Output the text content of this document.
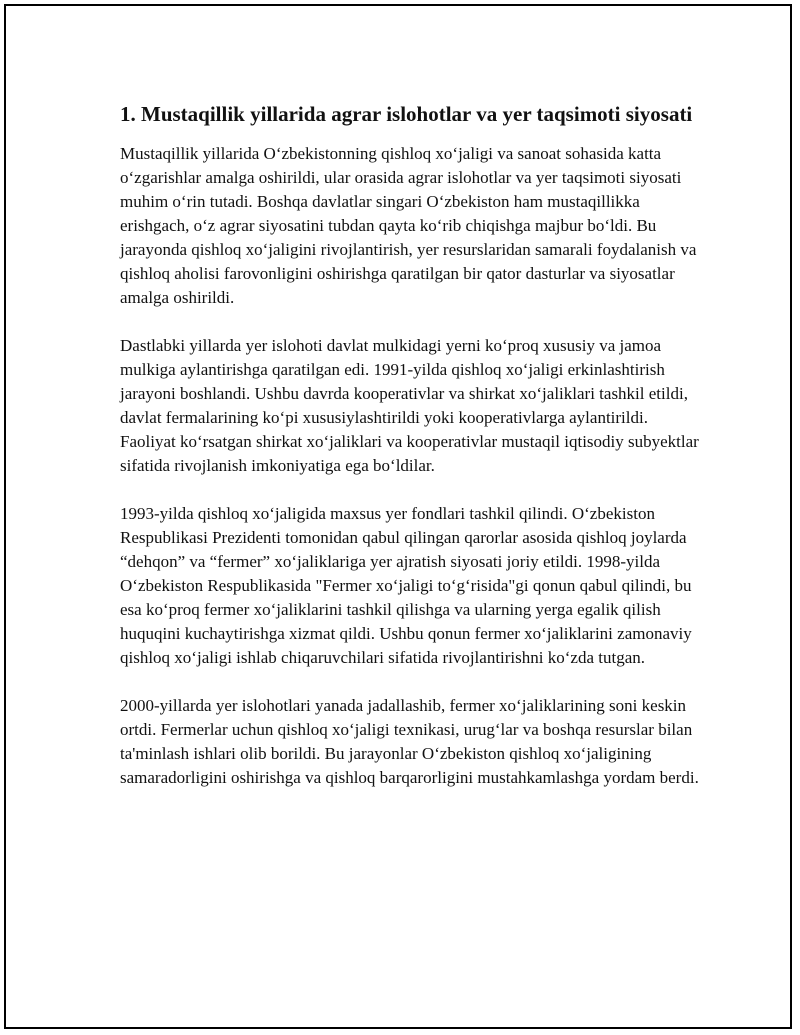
1. Mustaqillik yillarida agrar islohotlar va yer taqsimoti siyosati

Mustaqillik yillarida O‘zbekistonning qishloq xo‘jaligi va sanoat sohasida katta o‘zgarishlar amalga oshirildi, ular orasida agrar islohotlar va yer taqsimoti siyosati muhim o‘rin tutadi. Boshqa davlatlar singari O‘zbekiston ham mustaqillikka erishgach, o‘z agrar siyosatini tubdan qayta ko‘rib chiqishga majbur bo‘ldi. Bu jarayonda qishloq xo‘jaligini rivojlantirish, yer resurslaridan samarali foydalanish va qishloq aholisi farovonligini oshirishga qaratilgan bir qator dasturlar va siyosatlar amalga oshirildi.

Dastlabki yillarda yer islohoti davlat mulkidagi yerni ko‘proq xususiy va jamoa mulkiga aylantirishga qaratilgan edi. 1991-yilda qishloq xo‘jaligi erkinlashtirish jarayoni boshlandi. Ushbu davrda kooperativlar va shirkat xo‘jaliklari tashkil etildi, davlat fermalarining ko‘pi xususiylashtirildi yoki kooperativlarga aylantirildi. Faoliyat ko‘rsatgan shirkat xo‘jaliklari va kooperativlar mustaqil iqtisodiy subyektlar sifatida rivojlanish imkoniyatiga ega bo‘ldilar.

1993-yilda qishloq xo‘jaligida maxsus yer fondlari tashkil qilindi. O‘zbekiston Respublikasi Prezidenti tomonidan qabul qilingan qarorlar asosida qishloq joylarda “dehqon” va “fermer” xo‘jaliklariga yer ajratish siyosati joriy etildi. 1998-yilda O‘zbekiston Respublikasida "Fermer xo‘jaligi to‘g‘risida"gi qonun qabul qilindi, bu esa ko‘proq fermer xo‘jaliklarini tashkil qilishga va ularning yerga egalik qilish huquqini kuchaytirishga xizmat qildi. Ushbu qonun fermer xo‘jaliklarini zamonaviy qishloq xo‘jaligi ishlab chiqaruvchilari sifatida rivojlantirishni ko‘zda tutgan.

2000-yillarda yer islohotlari yanada jadallashib, fermer xo‘jaliklarining soni keskin ortdi. Fermerlar uchun qishloq xo‘jaligi texnikasi, urug‘lar va boshqa resurslar bilan ta'minlash ishlari olib borildi. Bu jarayonlar O‘zbekiston qishloq xo‘jaligining samaradorligini oshirishga va qishloq barqarorligini mustahkamlashga yordam berdi.
